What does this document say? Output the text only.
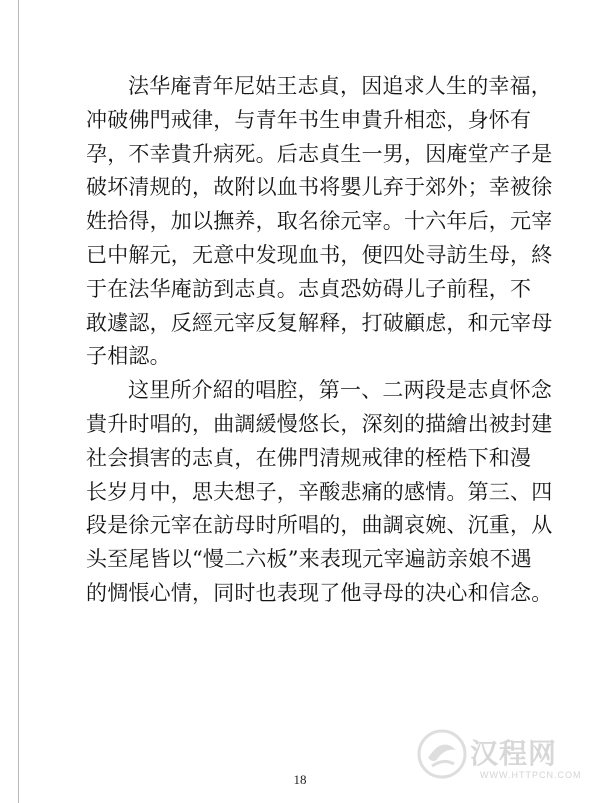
法华庵青年尼姑王志貞，因追求人生的幸福，
冲破佛門戒律，与青年书生申貴升相恋，身怀有
孕，不幸貴升病死。后志貞生一男，因庵堂产子是
破坏清规的，故附以血书将嬰儿弃于郊外；幸被徐
姓拾得，加以撫养，取名徐元宰。十六年后，元宰
已中解元，无意中发现血书，便四处寻訪生母，終
于在法华庵訪到志貞。志貞恐妨碍儿子前程，不
敢遽認，反經元宰反复解释，打破顧虑，和元宰母
子相認。
这里所介紹的唱腔，第一、二两段是志貞怀念
貴升时唱的，曲調緩慢悠长，深刻的描繪出被封建
社会損害的志貞，在佛門清规戒律的桎梏下和漫
长岁月中，思夫想子，辛酸悲痛的感情。第三、四
段是徐元宰在訪母时所唱的，曲調哀婉、沉重，从
头至尾皆以“慢二六板”来表现元宰遍訪亲娘不遇
的惆悵心情，同时也表现了他寻母的决心和信念。
汉程网
WWW.HTTPCN.COM
18
